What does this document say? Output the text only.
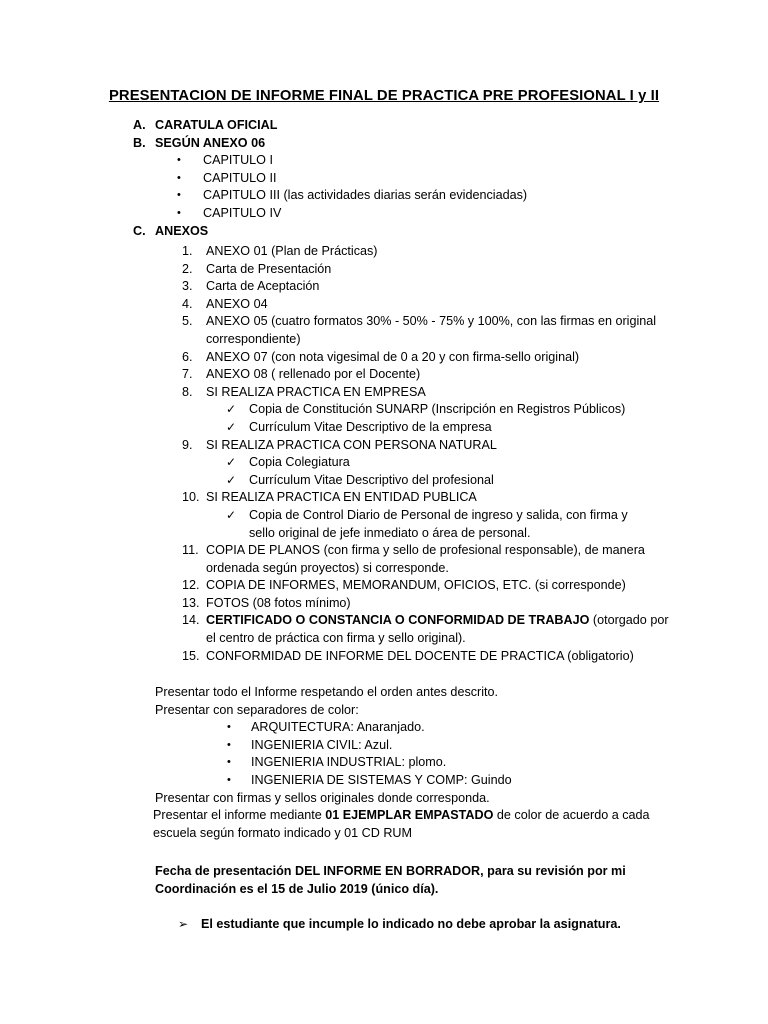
PRESENTACION DE INFORME FINAL DE PRACTICA PRE PROFESIONAL I y II
A. CARATULA OFICIAL
B. SEGÚN ANEXO 06
• CAPITULO I
• CAPITULO II
• CAPITULO III (las actividades diarias serán evidenciadas)
• CAPITULO IV
C. ANEXOS
1. ANEXO 01 (Plan de Prácticas)
2. Carta de Presentación
3. Carta de Aceptación
4. ANEXO 04
5. ANEXO 05 (cuatro formatos 30% - 50% - 75% y 100%, con las firmas en original
correspondiente)
6. ANEXO 07 (con nota vigesimal de 0 a 20 y con firma-sello original)
7. ANEXO 08 ( rellenado por el Docente)
8. SI REALIZA PRACTICA EN EMPRESA
✓ Copia de Constitución SUNARP (Inscripción en Registros Públicos)
✓ Currículum Vitae Descriptivo de la empresa
9. SI REALIZA PRACTICA CON PERSONA NATURAL
✓ Copia Colegiatura
✓ Currículum Vitae Descriptivo del profesional
10. SI REALIZA PRACTICA EN ENTIDAD PUBLICA
✓ Copia de Control Diario de Personal de ingreso y salida, con firma y
sello original de jefe inmediato o área de personal.
11. COPIA DE PLANOS (con firma y sello de profesional responsable), de manera
ordenada según proyectos) si corresponde.
12. COPIA DE INFORMES, MEMORANDUM, OFICIOS, ETC. (si corresponde)
13. FOTOS (08 fotos mínimo)
14. CERTIFICADO O CONSTANCIA O CONFORMIDAD DE TRABAJO (otorgado por
el centro de práctica con firma y sello original).
15. CONFORMIDAD DE INFORME DEL DOCENTE DE PRACTICA (obligatorio)
Presentar todo el Informe respetando el orden antes descrito.
Presentar con separadores de color:
• ARQUITECTURA: Anaranjado.
• INGENIERIA CIVIL: Azul.
• INGENIERIA INDUSTRIAL: plomo.
• INGENIERIA DE SISTEMAS Y COMP: Guindo
Presentar con firmas y sellos originales donde corresponda.
Presentar el informe mediante 01 EJEMPLAR EMPASTADO de color de acuerdo a cada
escuela según formato indicado y 01 CD RUM
Fecha de presentación DEL INFORME EN BORRADOR, para su revisión por mi
Coordinación es el 15 de Julio 2019 (único día).
➢ El estudiante que incumple lo indicado no debe aprobar la asignatura.
